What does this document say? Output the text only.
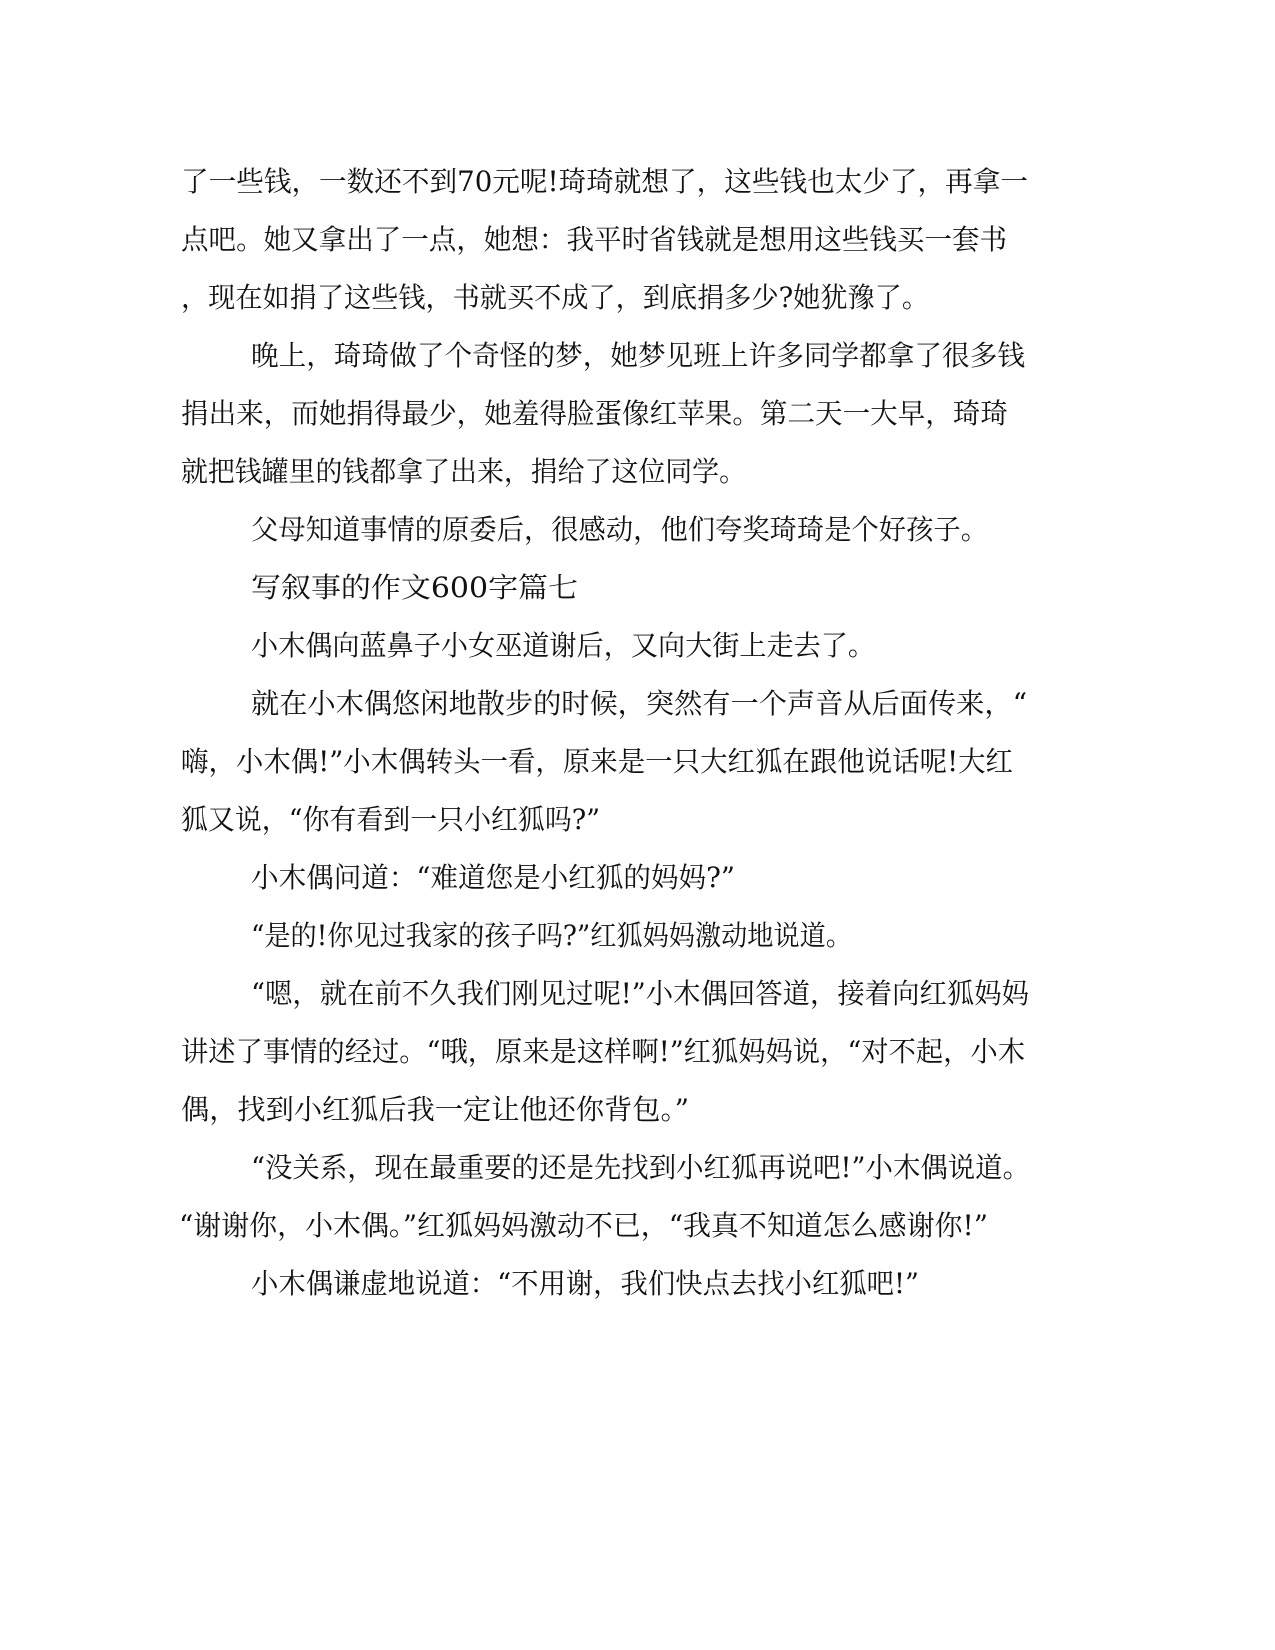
了一些钱，一数还不到70元呢!琦琦就想了，这些钱也太少了，再拿一
点吧。她又拿出了一点，她想：我平时省钱就是想用这些钱买一套书
，现在如捐了这些钱，书就买不成了，到底捐多少?她犹豫了。
晚上，琦琦做了个奇怪的梦，她梦见班上许多同学都拿了很多钱
捐出来，而她捐得最少，她羞得脸蛋像红苹果。第二天一大早，琦琦
就把钱罐里的钱都拿了出来，捐给了这位同学。
父母知道事情的原委后，很感动，他们夸奖琦琦是个好孩子。
写叙事的作文600字篇七
小木偶向蓝鼻子小女巫道谢后，又向大街上走去了。
就在小木偶悠闲地散步的时候，突然有一个声音从后面传来，“
嗨，小木偶!”小木偶转头一看，原来是一只大红狐在跟他说话呢!大红
狐又说，“你有看到一只小红狐吗?”
小木偶问道：“难道您是小红狐的妈妈?”
“是的!你见过我家的孩子吗?”红狐妈妈激动地说道。
“嗯，就在前不久我们刚见过呢!”小木偶回答道，接着向红狐妈妈
讲述了事情的经过。“哦，原来是这样啊!”红狐妈妈说，“对不起，小木
偶，找到小红狐后我一定让他还你背包。”
“没关系，现在最重要的还是先找到小红狐再说吧!”小木偶说道。
“谢谢你，小木偶。”红狐妈妈激动不已，“我真不知道怎么感谢你!”
小木偶谦虚地说道：“不用谢，我们快点去找小红狐吧!”
